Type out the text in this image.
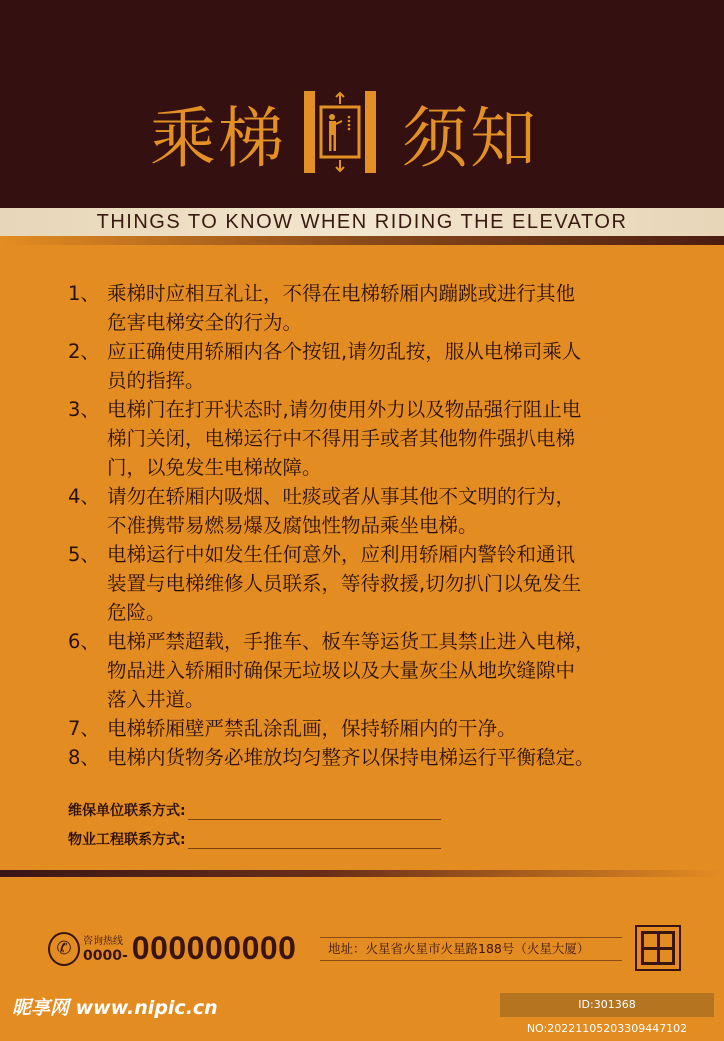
乘梯 须知
THINGS TO KNOW WHEN RIDING THE ELEVATOR
1、 乘梯时应相互礼让，不得在电梯轿厢内蹦跳或进行其他
危害电梯安全的行为。
2、 应正确使用轿厢内各个按钮,请勿乱按，服从电梯司乘人
员的指挥。
3、 电梯门在打开状态时,请勿使用外力以及物品强行阻止电
梯门关闭，电梯运行中不得用手或者其他物件强扒电梯
门，以免发生电梯故障。
4、 请勿在轿厢内吸烟、吐痰或者从事其他不文明的行为，
不准携带易燃易爆及腐蚀性物品乘坐电梯。
5、 电梯运行中如发生任何意外，应利用轿厢内警铃和通讯
装置与电梯维修人员联系，等待救援,切勿扒门以免发生
危险。
6、 电梯严禁超载，手推车、板车等运货工具禁止进入电梯，
物品进入轿厢时确保无垃圾以及大量灰尘从地坎缝隙中
落入井道。
7、 电梯轿厢壁严禁乱涂乱画，保持轿厢内的干净。
8、 电梯内货物务必堆放均匀整齐以保持电梯运行平衡稳定。
维保单位联系方式:
物业工程联系方式:
✆	咨询热线
0000- 000000000	地址：火星省火星市火星路188号（火星大厦）
昵享网 www.nipic.cn	ID:301368 NO:20221105203309447102
